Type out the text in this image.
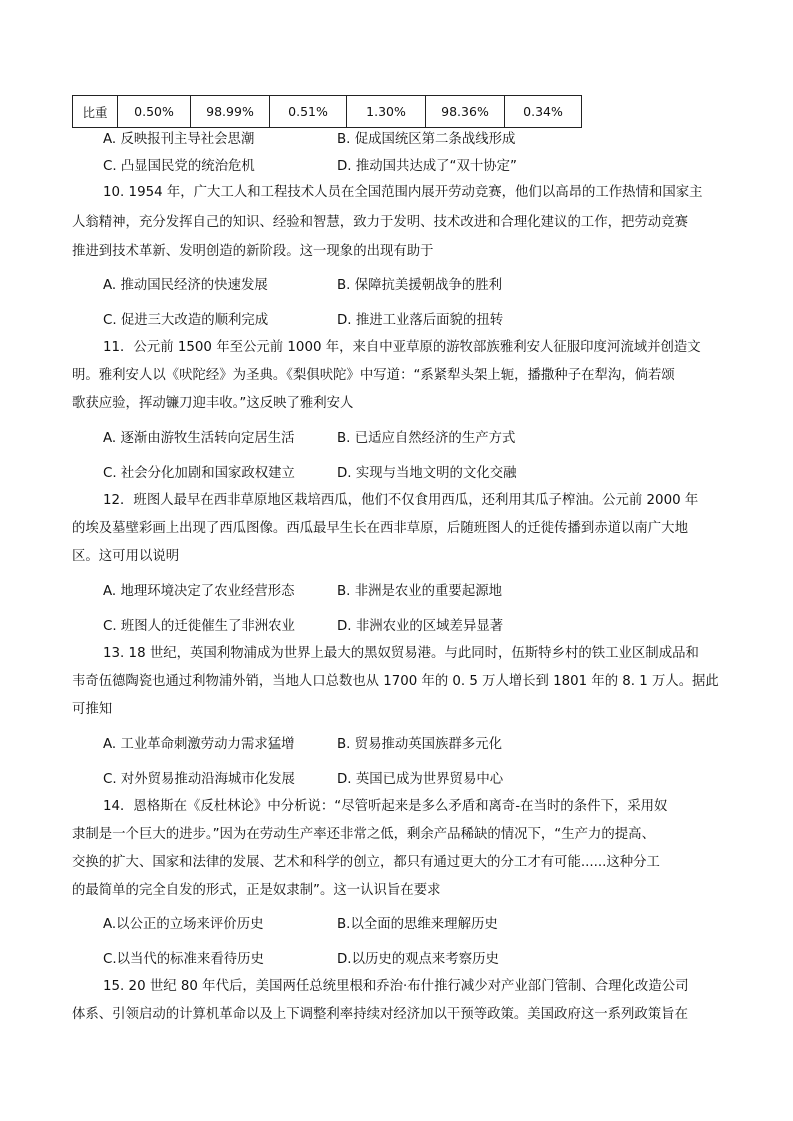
比重	0.50%	98.99%	0.51%	1.30%	98.36%	0.34%
A. 反映报刊主导社会思潮	B. 促成国统区第二条战线形成
C. 凸显国民党的统治危机	D. 推动国共达成了“双十协定”
10. 1954 年，广大工人和工程技术人员在全国范围内展开劳动竞赛，他们以高昂的工作热情和国家主
人翁精神，充分发挥自己的知识、经验和智慧，致力于发明、技术改进和合理化建议的工作，把劳动竞赛
推进到技术革新、发明创造的新阶段。这一现象的出现有助于
A. 推动国民经济的快速发展	B. 保障抗美援朝战争的胜利
C. 促进三大改造的顺利完成	D. 推进工业落后面貌的扭转
11．公元前 1500 年至公元前 1000 年，来自中亚草原的游牧部族雅利安人征服印度河流域并创造文
明。雅利安人以《吠陀经》为圣典。《梨俱吠陀》中写道：“系紧犁头架上轭，播撒种子在犁沟，倘若颂
歌获应验，挥动镰刀迎丰收。”这反映了雅利安人
A. 逐渐由游牧生活转向定居生活	B. 已适应自然经济的生产方式
C. 社会分化加剧和国家政权建立	D. 实现与当地文明的文化交融
12．班图人最早在西非草原地区栽培西瓜，他们不仅食用西瓜，还利用其瓜子榨油。公元前 2000 年
的埃及墓壁彩画上出现了西瓜图像。西瓜最早生长在西非草原，后随班图人的迁徙传播到赤道以南广大地
区。这可用以说明
A. 地理环境决定了农业经营形态	B. 非洲是农业的重要起源地
C. 班图人的迁徙催生了非洲农业	D. 非洲农业的区域差异显著
13. 18 世纪，英国利物浦成为世界上最大的黑奴贸易港。与此同时，伍斯特乡村的铁工业区制成品和
韦奇伍德陶瓷也通过利物浦外销，当地人口总数也从 1700 年的 0. 5 万人增长到 1801 年的 8. 1 万人。据此
可推知
A. 工业革命刺激劳动力需求猛增	B. 贸易推动英国族群多元化
C. 对外贸易推动沿海城市化发展	D. 英国已成为世界贸易中心
14．恩格斯在《反杜林论》中分析说：“尽管听起来是多么矛盾和离奇-在当时的条件下，采用奴
隶制是一个巨大的进步。”因为在劳动生产率还非常之低，剩余产品稀缺的情况下，“生产力的提高、
交换的扩大、国家和法律的发展、艺术和科学的创立，都只有通过更大的分工才有可能......这种分工
的最简单的完全自发的形式，正是奴隶制”。这一认识旨在要求
A.以公正的立场来评价历史	B.以全面的思维来理解历史
C.以当代的标准来看待历史	D.以历史的观点来考察历史
15. 20 世纪 80 年代后，美国两任总统里根和乔治·布什推行减少对产业部门管制、合理化改造公司
体系、引领启动的计算机革命以及上下调整利率持续对经济加以干预等政策。美国政府这一系列政策旨在
